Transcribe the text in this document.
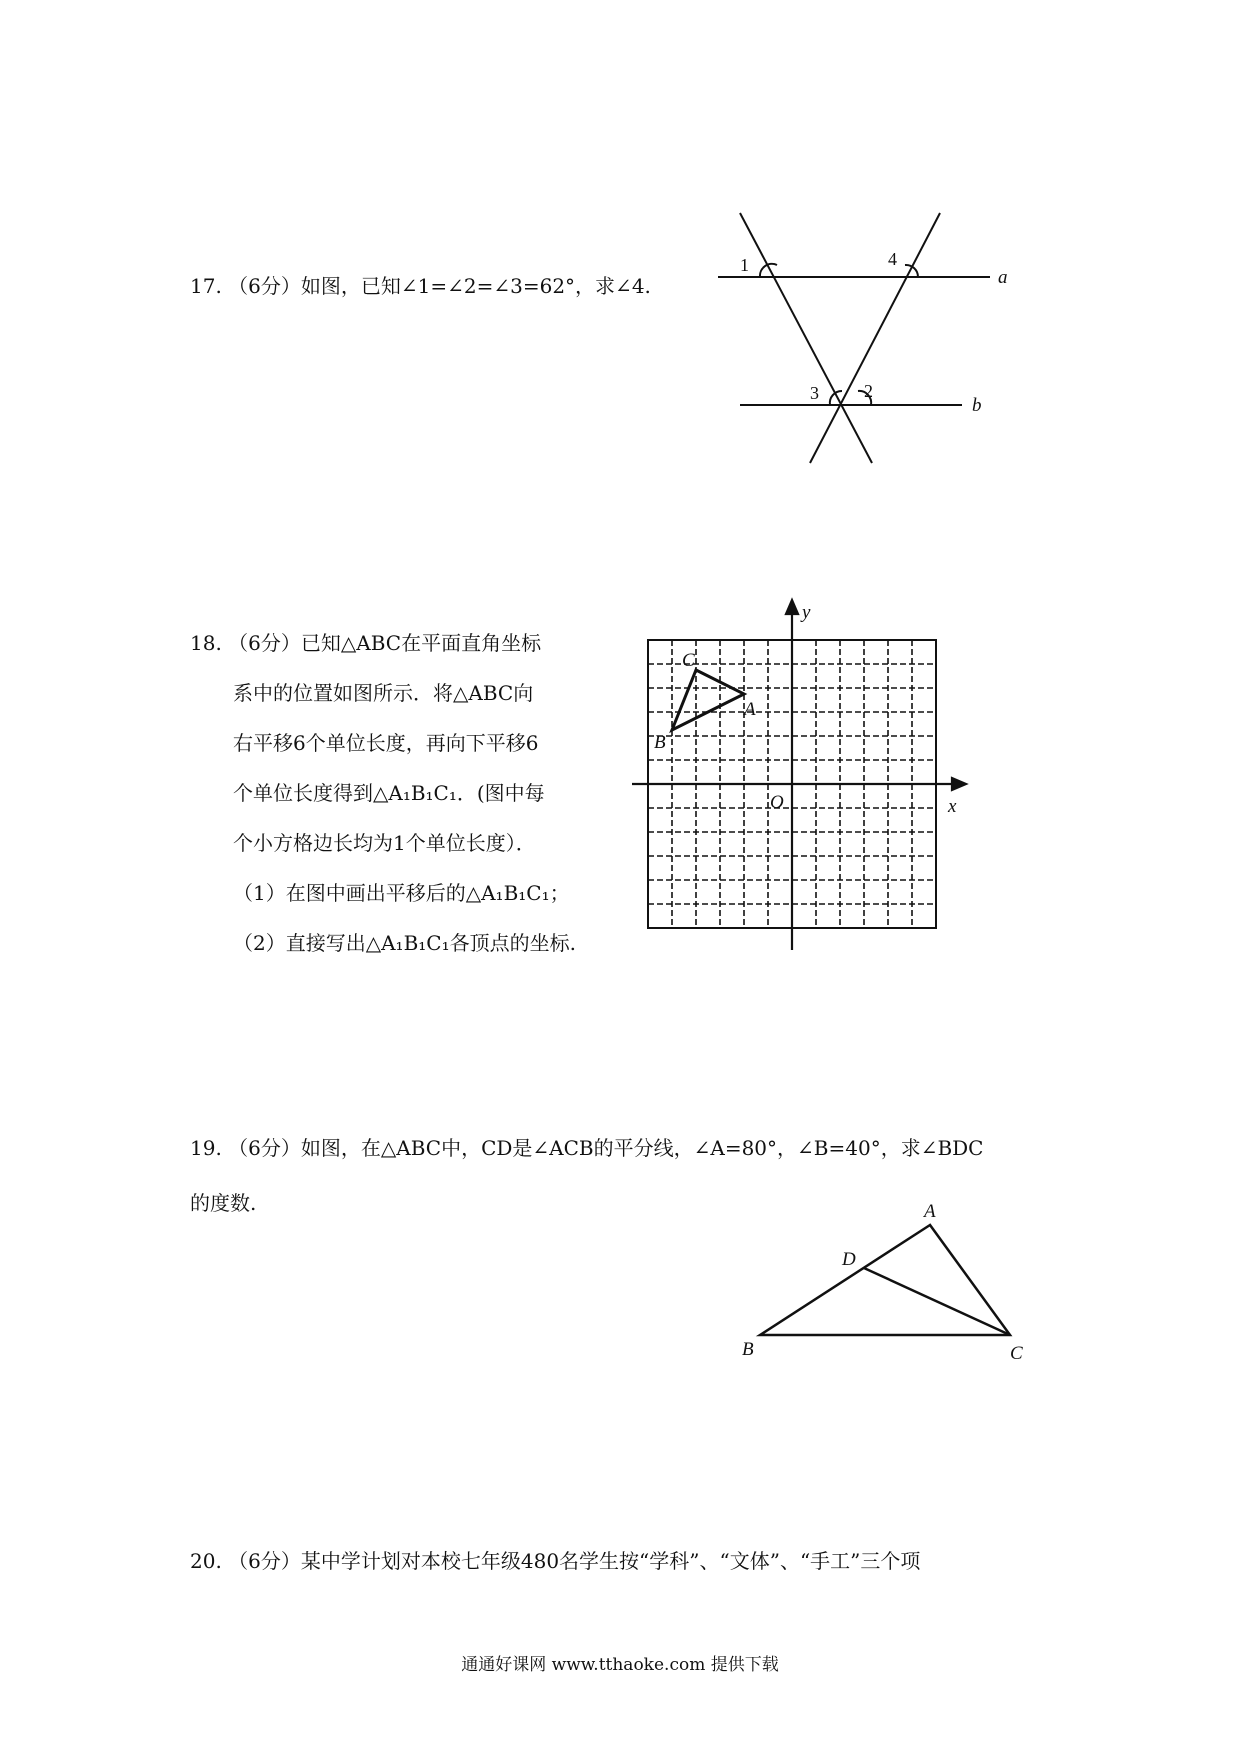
17. （6分）如图，已知∠1=∠2=∠3=62°，求∠4.
1	4
3	2
a
b
18. （6分）已知△ABC在平面直角坐标
系中的位置如图所示．将△ABC向
右平移6个单位长度，再向下平移6
个单位长度得到△A₁B₁C₁．(图中每
个小方格边长均为1个单位长度）．
（1）在图中画出平移后的△A₁B₁C₁；
（2）直接写出△A₁B₁C₁各顶点的坐标.
y
x
O
C
A
B
19. （6分）如图，在△ABC中，CD是∠ACB的平分线，∠A=80°，∠B=40°，求∠BDC
的度数.	A
D
B	C
20. （6分）某中学计划对本校七年级480名学生按“学科”、“文体”、“手工”三个项
通通好课网 www.tthaoke.com 提供下载
